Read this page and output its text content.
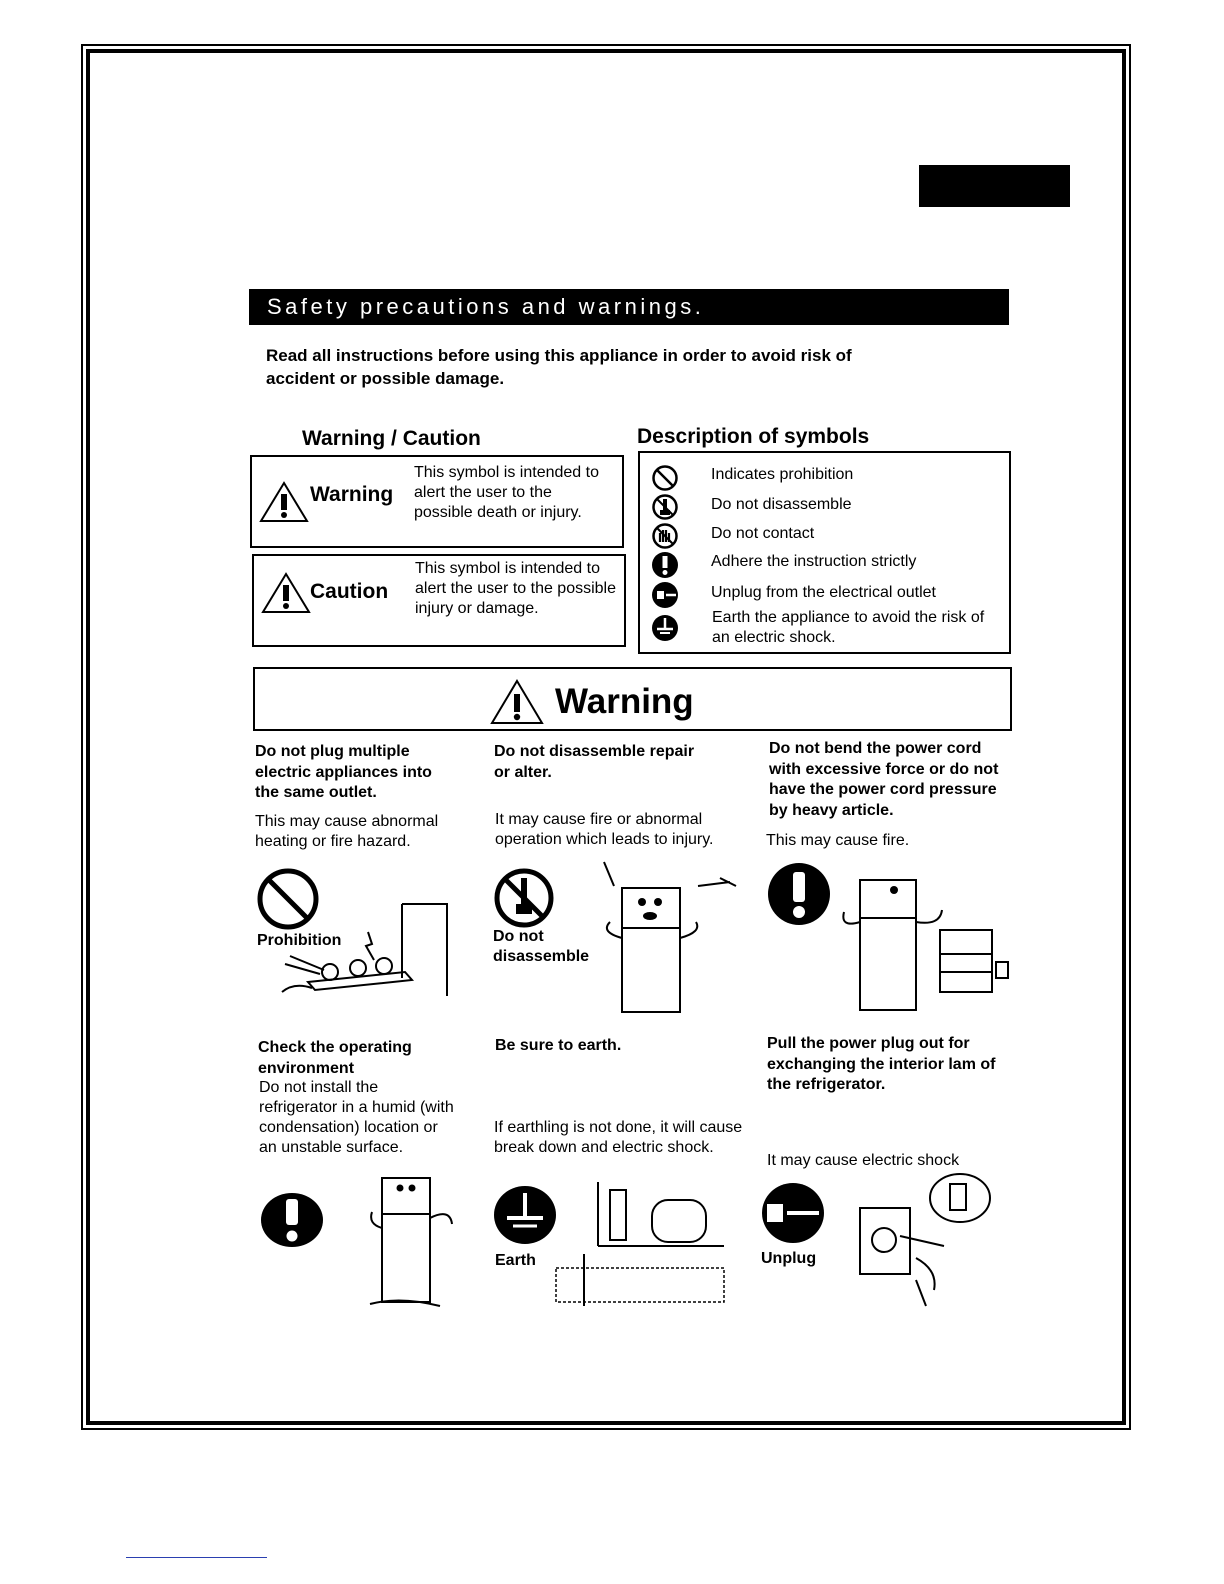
Safety precautions and warnings.
Read all instructions before using this appliance in order to avoid risk of accident or possible damage.
Warning / Caution
Warning
This symbol is intended to alert the user to the possible death or injury.
Caution
This symbol is intended to alert the user to the possible injury or damage.
Description of symbols
Indicates prohibition
Do not disassemble
Do not contact
Adhere the instruction strictly
Unplug from the electrical outlet
Earth the appliance to avoid the risk of an electric shock.
Warning
Do not plug multiple electric appliances into the same outlet.
This may cause abnormal heating or fire hazard.
Prohibition
Do not disassemble repair or alter.
It may cause fire or abnormal operation which leads to injury.
Do not
disassemble
Do not bend the power cord with excessive force or do not have the power cord pressure by heavy article.
This may cause fire.
Check the operating environment
Do not install the refrigerator in a humid (with condensation) location or an unstable surface.
Be sure to earth.
If earthling is not done, it will cause break down and electric shock.
Earth
Pull the power plug out for exchanging the interior lam of the refrigerator.
It may cause electric shock
Unplug
